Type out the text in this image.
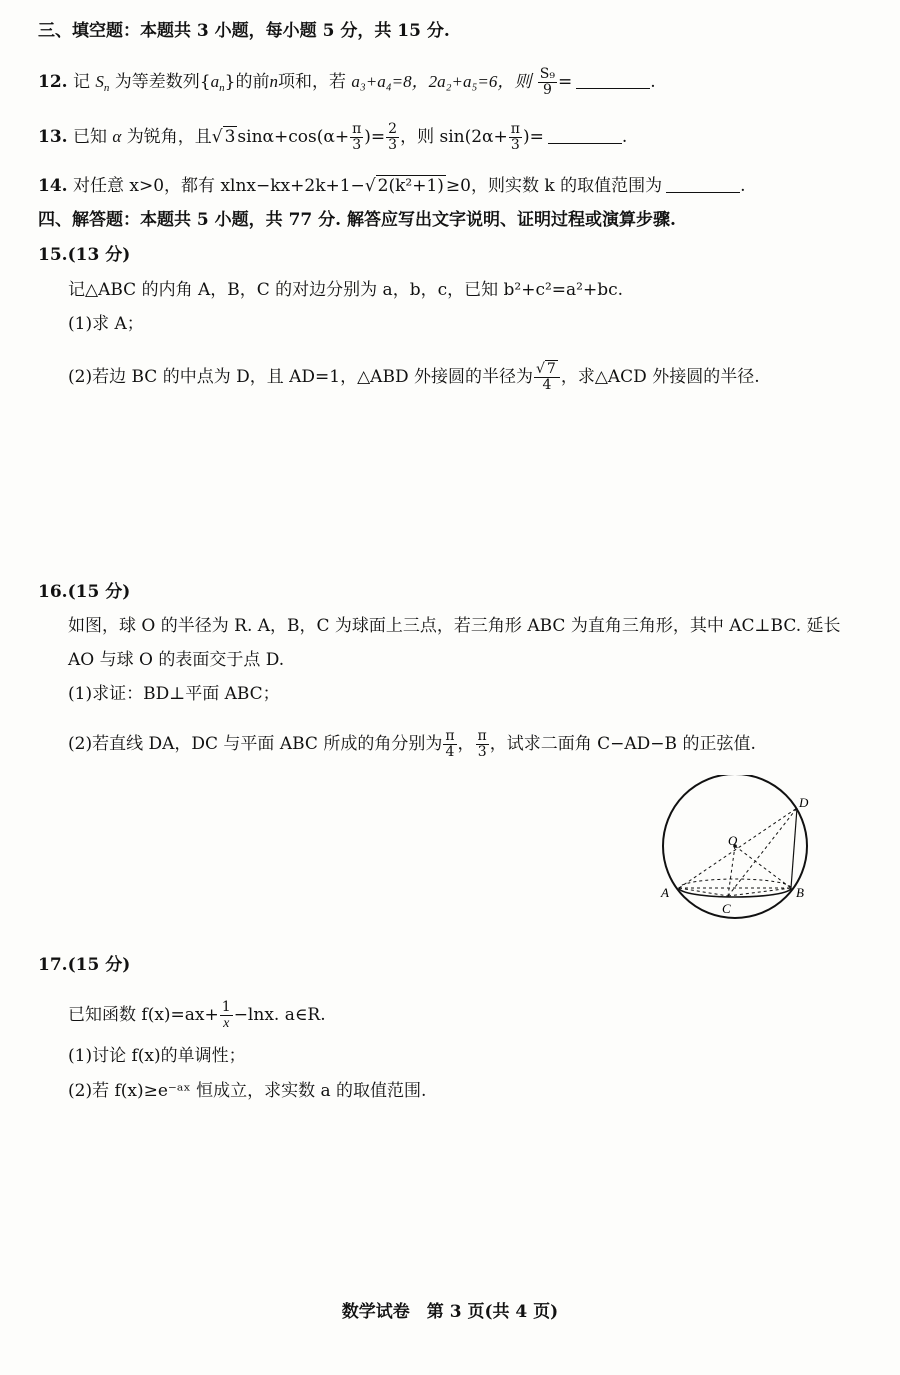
三、填空题：本题共 3 小题，每小题 5 分，共 15 分.
12. 记 $S_n$ 为等差数列$\{a_n\}$的前n项和，若 a₃+a₄=8，2a₂+a₅=6，则 $\frac{\text{S₉}}{9}$ =	.
13. 已知 α 为锐角，且√ 3 $\sin\alpha+\cos(\alpha+ \frac{\pi}{3}$ )= $\frac{2}{3}$ ，则 $\sin(2\alpha+ \frac{\pi}{3}$ )=	.
14. 对任意 x>0，都有 xlnx−kx+2k+1−√ 2(k²+1) ≥0，则实数 k 的取值范围为	.
四、解答题：本题共 5 小题，共 77 分. 解答应写出文字说明、证明过程或演算步骤.
15.(13 分)
记△ABC 的内角 A，B，C 的对边分别为 a，b，c，已知 b²+c²=a²+bc.
(1)求 A；
(2)若边 BC 的中点为 D，且 AD=1，△ABD 外接圆的半径为 $\frac{√ 7}{4}$ ，求△ACD 外接圆的半径.
16.(15 分)
如图，球 O 的半径为 R. A，B，C 为球面上三点，若三角形 ABC 为直角三角形，其中 AC⊥BC. 延长
AO 与球 O 的表面交于点 D.
(1)求证：BD⊥平面 ABC；
(2)若直线 DA，DC 与平面 ABC 所成的角分别为 $\frac{\pi}{4}$ ， $\frac{\pi}{3}$ ，试求二面角 C−AD−B 的正弦值.
D
O
A	B
C
17.(15 分)
已知函数 $f(x)=ax+ \frac{1}{x} -\ln x$. a∈R.
(1)讨论 f(x)的单调性；
(2)若 f(x)≥e⁻ᵃˣ 恒成立，求实数 a 的取值范围.
数学试卷　第 3 页(共 4 页)
